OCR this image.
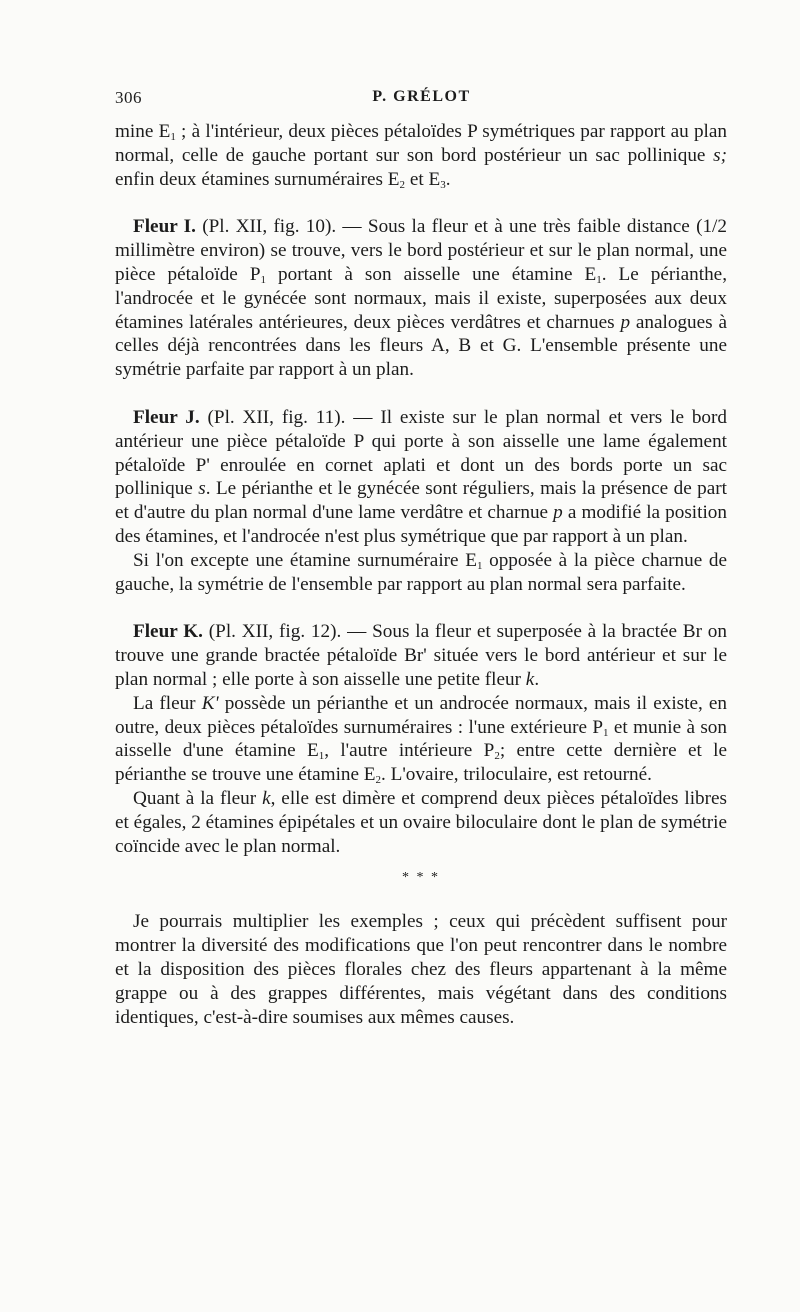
306	P. GRÉLOT

mine $E_1$ ; à l'intérieur, deux pièces pétaloïdes P symétriques par rapport au plan normal, celle de gauche portant sur son bord postérieur un sac pollinique s; enfin deux étamines surnuméraires $E_2$ et $E_3$.

Fleur I. (Pl. XII, fig. 10). — Sous la fleur et à une très faible distance (1/2 millimètre environ) se trouve, vers le bord postérieur et sur le plan normal, une pièce pétaloïde $P_1$ portant à son aisselle une étamine $E_1$. Le périanthe, l'androcée et le gynécée sont normaux, mais il existe, superposées aux deux étamines latérales antérieures, deux pièces verdâtres et charnues p analogues à celles déjà rencontrées dans les fleurs A, B et G. L'ensemble présente une symétrie parfaite par rapport à un plan.

Fleur J. (Pl. XII, fig. 11). — Il existe sur le plan normal et vers le bord antérieur une pièce pétaloïde P qui porte à son aisselle une lame également pétaloïde P' enroulée en cornet aplati et dont un des bords porte un sac pollinique s. Le périanthe et le gynécée sont réguliers, mais la présence de part et d'autre du plan normal d'une lame verdâtre et charnue p a modifié la position des étamines, et l'androcée n'est plus symétrique que par rapport à un plan.

Si l'on excepte une étamine surnuméraire $E_1$ opposée à la pièce charnue de gauche, la symétrie de l'ensemble par rapport au plan normal sera parfaite.

Fleur K. (Pl. XII, fig. 12). — Sous la fleur et superposée à la bractée Br on trouve une grande bractée pétaloïde Br' située vers le bord antérieur et sur le plan normal ; elle porte à son aisselle une petite fleur k.

La fleur K' possède un périanthe et un androcée normaux, mais il existe, en outre, deux pièces pétaloïdes surnuméraires : l'une extérieure $P_1$ et munie à son aisselle d'une étamine $E_1$, l'autre intérieure $P_2$; entre cette dernière et le périanthe se trouve une étamine $E_2$. L'ovaire, triloculaire, est retourné.

Quant à la fleur k, elle est dimère et comprend deux pièces pétaloïdes libres et égales, 2 étamines épipétales et un ovaire biloculaire dont le plan de symétrie coïncide avec le plan normal.

* * *

Je pourrais multiplier les exemples ; ceux qui précèdent suffisent pour montrer la diversité des modifications que l'on peut rencontrer dans le nombre et la disposition des pièces florales chez des fleurs appartenant à la même grappe ou à des grappes différentes, mais végétant dans des conditions identiques, c'est-à-dire soumises aux mêmes causes.
